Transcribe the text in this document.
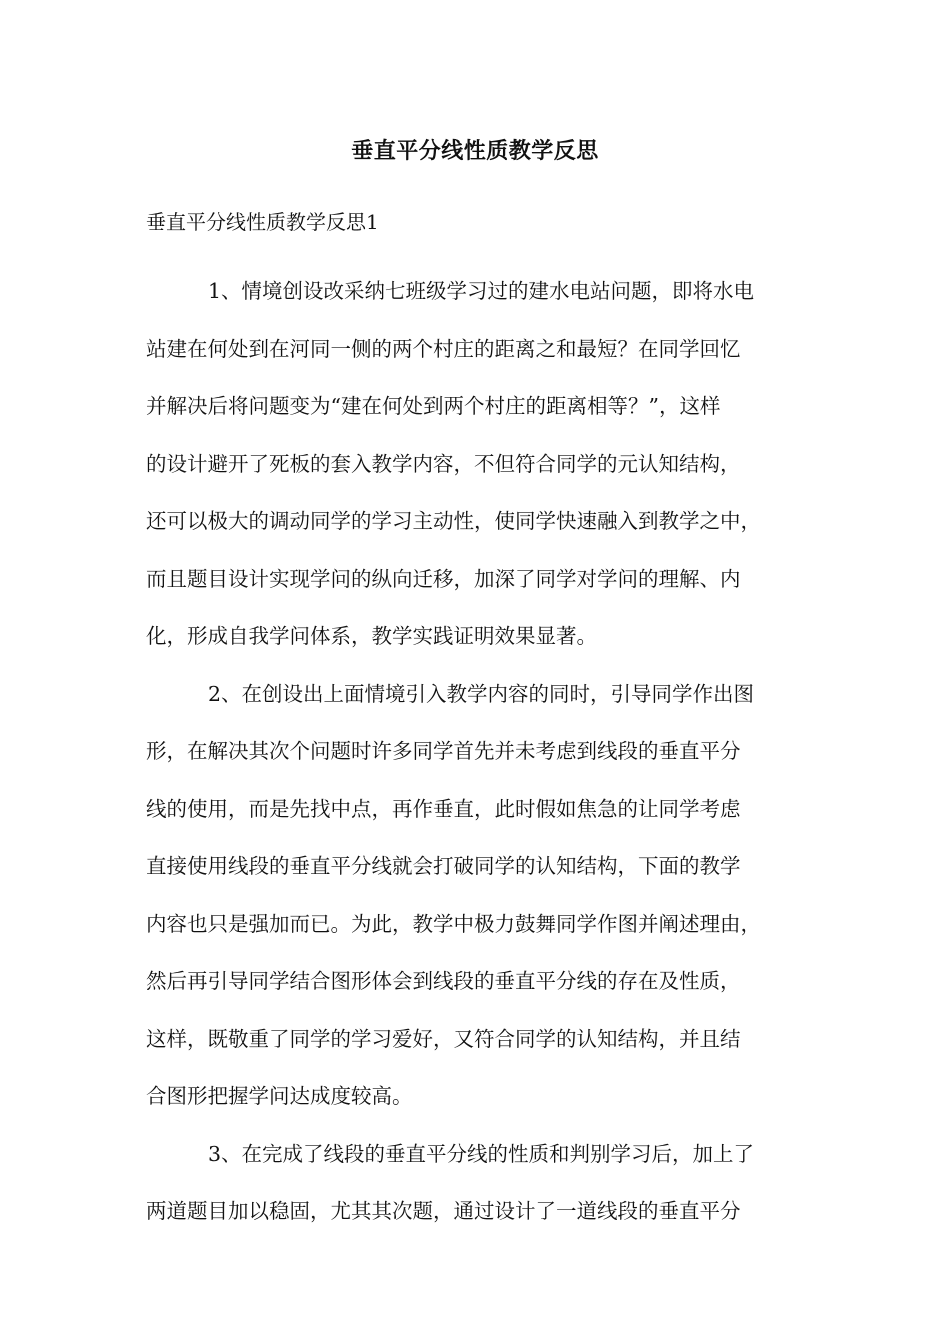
垂直平分线性质教学反思
垂直平分线性质教学反思1
1、情境创设改采纳七班级学习过的建水电站问题，即将水电
站建在何处到在河同一侧的两个村庄的距离之和最短？在同学回忆
并解决后将问题变为“建在何处到两个村庄的距离相等？”，这样
的设计避开了死板的套入教学内容，不但符合同学的元认知结构，
还可以极大的调动同学的学习主动性，使同学快速融入到教学之中，
而且题目设计实现学问的纵向迁移，加深了同学对学问的理解、内
化，形成自我学问体系，教学实践证明效果显著。
2、在创设出上面情境引入教学内容的同时，引导同学作出图
形，在解决其次个问题时许多同学首先并未考虑到线段的垂直平分
线的使用，而是先找中点，再作垂直，此时假如焦急的让同学考虑
直接使用线段的垂直平分线就会打破同学的认知结构，下面的教学
内容也只是强加而已。为此，教学中极力鼓舞同学作图并阐述理由，
然后再引导同学结合图形体会到线段的垂直平分线的存在及性质，
这样，既敬重了同学的学习爱好，又符合同学的认知结构，并且结
合图形把握学问达成度较高。
3、在完成了线段的垂直平分线的性质和判别学习后，加上了
两道题目加以稳固，尤其其次题，通过设计了一道线段的垂直平分
